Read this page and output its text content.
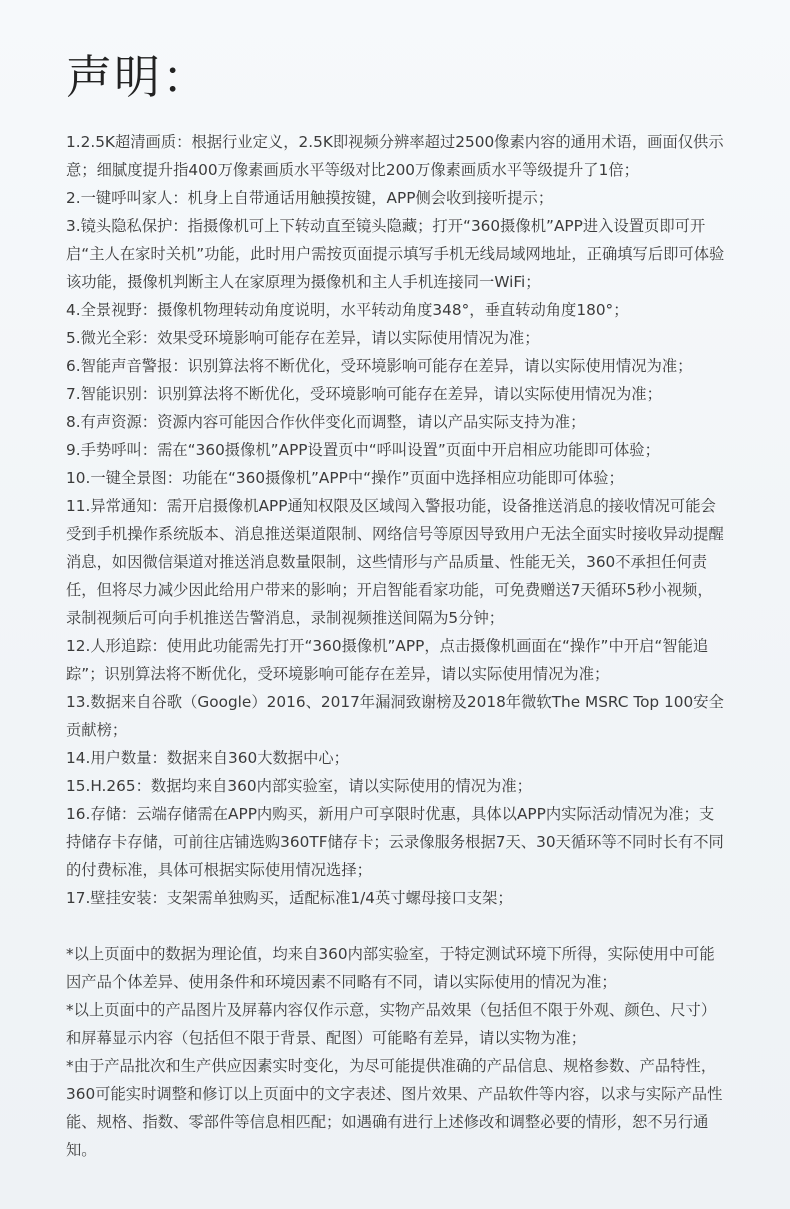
声明：
1.2.5K超清画质：根据行业定义，2.5K即视频分辨率超过2500像素内容的通用术语，画面仅供示意；细腻度提升指400万像素画质水平等级对比200万像素画质水平等级提升了1倍；
2.一键呼叫家人：机身上自带通话用触摸按键，APP侧会收到接听提示；
3.镜头隐私保护：指摄像机可上下转动直至镜头隐藏；打开“360摄像机”APP进入设置页即可开启“主人在家时关机”功能，此时用户需按页面提示填写手机无线局域网地址，正确填写后即可体验该功能，摄像机判断主人在家原理为摄像机和主人手机连接同一WiFi；
4.全景视野：摄像机物理转动角度说明，水平转动角度348°，垂直转动角度180°；
5.微光全彩：效果受环境影响可能存在差异，请以实际使用情况为准；
6.智能声音警报：识别算法将不断优化，受环境影响可能存在差异，请以实际使用情况为准；
7.智能识别：识别算法将不断优化，受环境影响可能存在差异，请以实际使用情况为准；
8.有声资源：资源内容可能因合作伙伴变化而调整，请以产品实际支持为准；
9.手势呼叫：需在“360摄像机”APP设置页中“呼叫设置”页面中开启相应功能即可体验；
10.一键全景图：功能在“360摄像机”APP中“操作”页面中选择相应功能即可体验；
11.异常通知：需开启摄像机APP通知权限及区域闯入警报功能，设备推送消息的接收情况可能会受到手机操作系统版本、消息推送渠道限制、网络信号等原因导致用户无法全面实时接收异动提醒消息，如因微信渠道对推送消息数量限制，这些情形与产品质量、性能无关，360不承担任何责任，但将尽力减少因此给用户带来的影响；开启智能看家功能，可免费赠送7天循环5秒小视频，录制视频后可向手机推送告警消息，录制视频推送间隔为5分钟；
12.人形追踪：使用此功能需先打开“360摄像机”APP，点击摄像机画面在“操作”中开启“智能追踪”；识别算法将不断优化，受环境影响可能存在差异，请以实际使用情况为准；
13.数据来自谷歌（Google）2016、2017年漏洞致谢榜及2018年微软The MSRC Top 100安全贡献榜；
14.用户数量：数据来自360大数据中心；
15.H.265：数据均来自360内部实验室，请以实际使用的情况为准；
16.存储：云端存储需在APP内购买，新用户可享限时优惠，具体以APP内实际活动情况为准；支持储存卡存储，可前往店铺选购360TF储存卡；云录像服务根据7天、30天循环等不同时长有不同的付费标准，具体可根据实际使用情况选择；
17.壁挂安装：支架需单独购买，适配标准1/4英寸螺母接口支架；

*以上页面中的数据为理论值，均来自360内部实验室，于特定测试环境下所得，实际使用中可能因产品个体差异、使用条件和环境因素不同略有不同，请以实际使用的情况为准；

*以上页面中的产品图片及屏幕内容仅作示意，实物产品效果（包括但不限于外观、颜色、尺寸）和屏幕显示内容（包括但不限于背景、配图）可能略有差异，请以实物为准；

*由于产品批次和生产供应因素实时变化，为尽可能提供准确的产品信息、规格参数、产品特性，360可能实时调整和修订以上页面中的文字表述、图片效果、产品软件等内容，以求与实际产品性能、规格、指数、零部件等信息相匹配；如遇确有进行上述修改和调整必要的情形，恕不另行通知。
